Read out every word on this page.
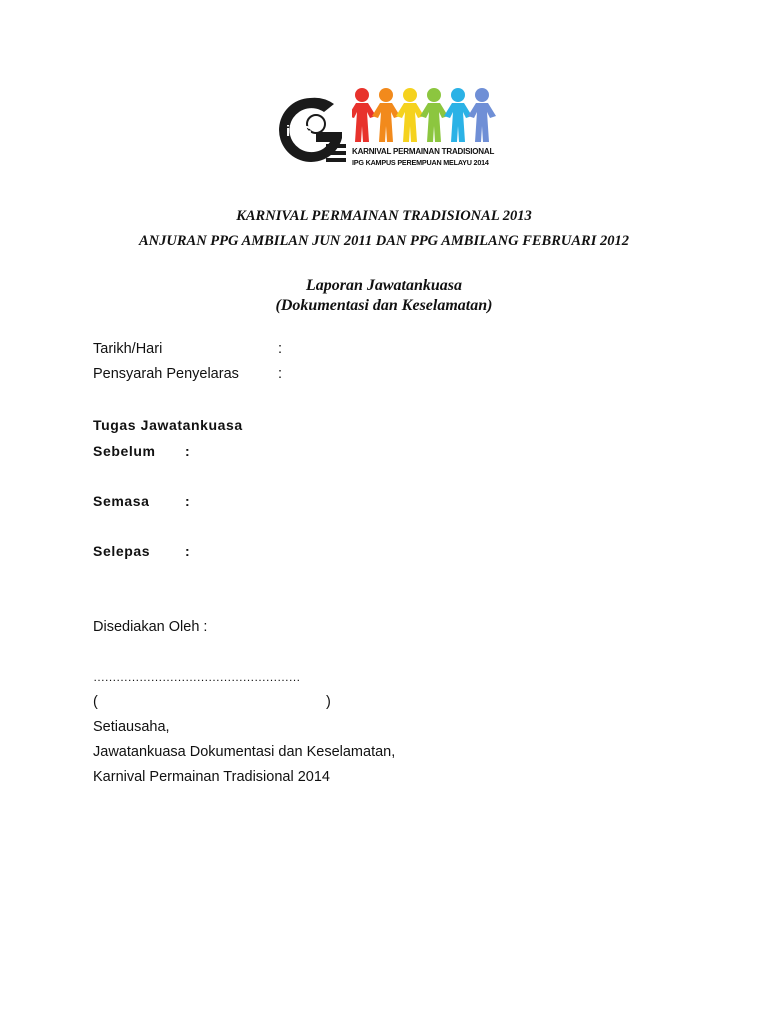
iPG
KARNIVAL PERMAINAN TRADISIONAL
IPG KAMPUS PEREMPUAN MELAYU 2014
KARNIVAL PERMAINAN TRADISIONAL 2013
ANJURAN PPG AMBILAN JUN 2011 DAN PPG AMBILANG FEBRUARI 2012
Laporan Jawatankuasa
(Dokumentasi dan Keselamatan)
Tarikh/Hari	:
Pensyarah Penyelaras	:
Tugas Jawatankuasa
Sebelum :
Semasa	:
Selepas :
Disediakan Oleh :
………………………………………………
(	)
Setiausaha,
Jawatankuasa Dokumentasi dan Keselamatan,
Karnival Permainan Tradisional 2014
